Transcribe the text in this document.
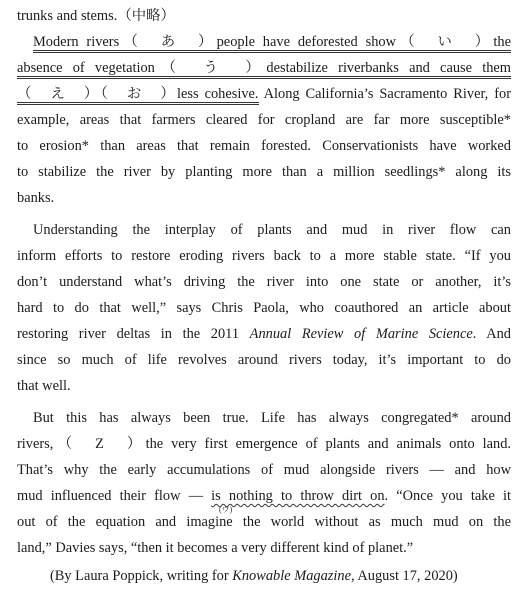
trunks and stems.（中略）
Modern rivers（　あ　）people have deforested show（　い　）the
absence of vegetation（　う　）destabilize riverbanks and cause them
（　え　）（　お　）less cohesive. Along California’s Sacramento River, for
example, areas that farmers cleared for cropland are far more susceptible*
to erosion* than areas that remain forested. Conservationists have worked
to stabilize the river by planting more than a million seedlings* along its
banks.
Understanding the interplay of plants and mud in river flow can
inform efforts to restore eroding rivers back to a more stable state. “If you
don’t understand what’s driving the river into one state or another, it’s
hard to do that well,” says Chris Paola, who coauthored an article about
restoring river deltas in the 2011 Annual Review of Marine Science. And
since so much of life revolves around rivers today, it’s important to do
that well.
But this has always been true. Life has always congregated* around
rivers,（　Z　）the very first emergence of plants and animals onto land.
That’s why the early accumulations of mud alongside rivers — and how
mud influenced their flow — is nothing to throw dirt on. “Once you take it
(ウ)
out of the equation and imagine the world without as much mud on the
land,” Davies says, “then it becomes a very different kind of planet.”
(By Laura Poppick, writing for Knowable Magazine, August 17, 2020)
